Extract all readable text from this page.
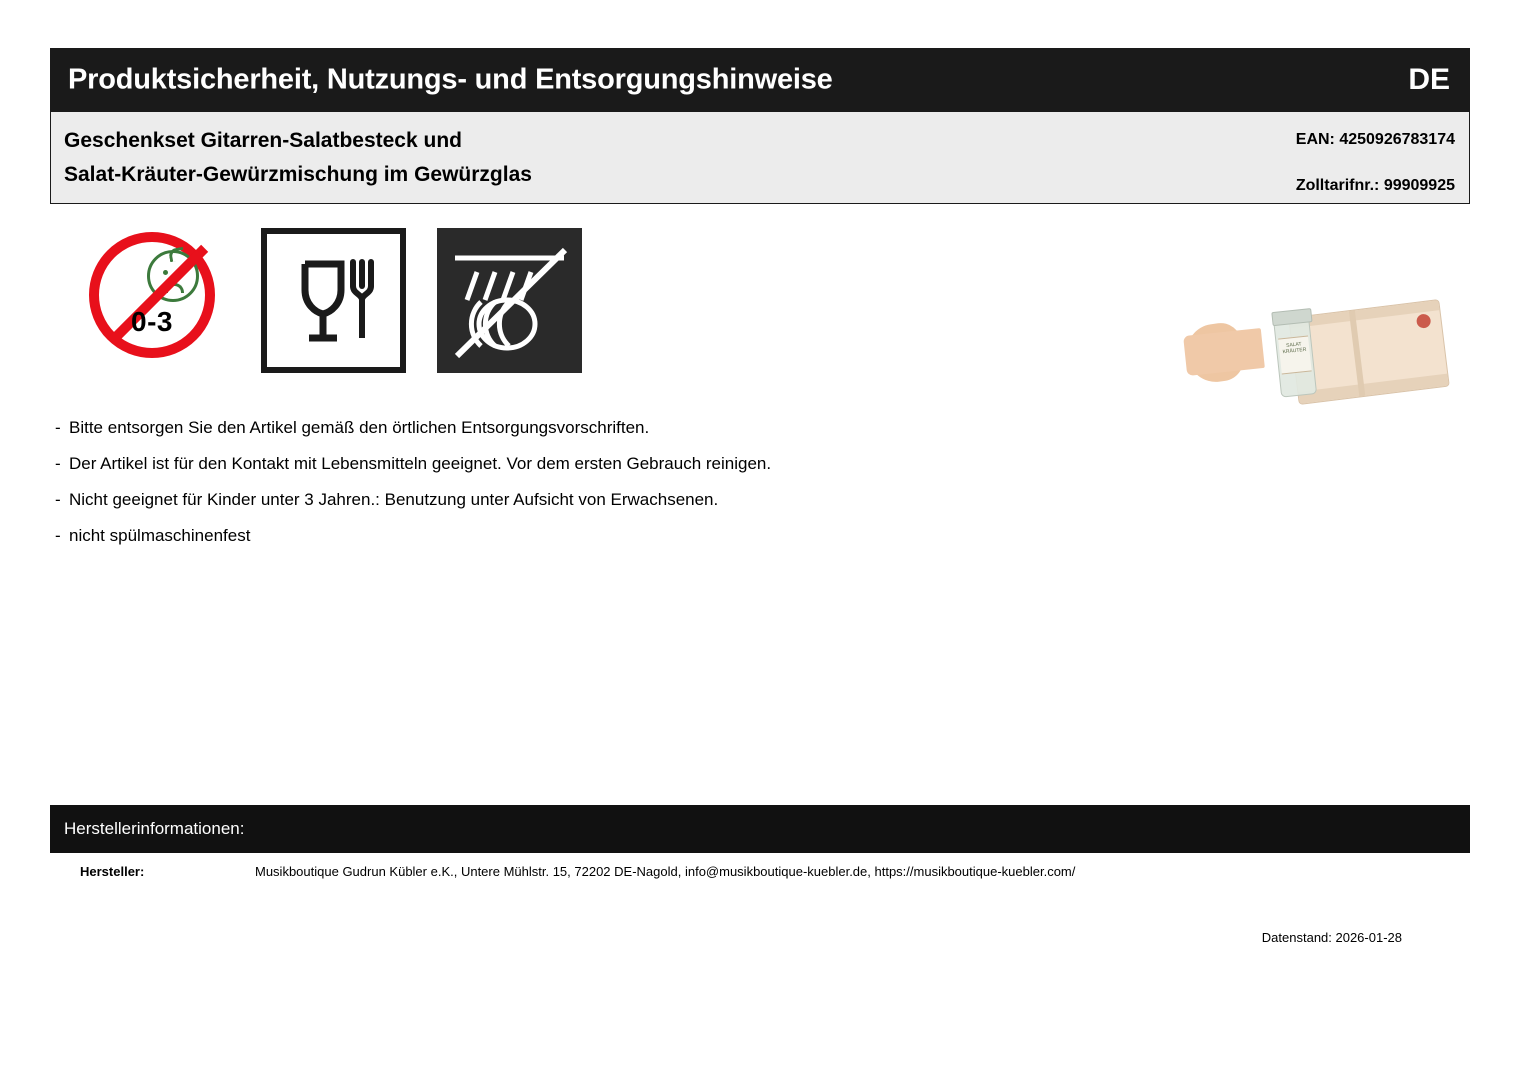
Produktsicherheit, Nutzungs- und Entsorgungshinweise	DE
Geschenkset Gitarren-Salatbesteck und
Salat-Kräuter-Gewürzmischung im Gewürzglas
EAN: 4250926783174
Zolltarifnr.: 99909925
0-3
SALAT KRÄUTER
- Bitte entsorgen Sie den Artikel gemäß den örtlichen Entsorgungsvorschriften.
- Der Artikel ist für den Kontakt mit Lebensmitteln geeignet. Vor dem ersten Gebrauch reinigen.
- Nicht geeignet für Kinder unter 3 Jahren.: Benutzung unter Aufsicht von Erwachsenen.
- nicht spülmaschinenfest
Herstellerinformationen:
Hersteller:	Musikboutique Gudrun Kübler e.K., Untere Mühlstr. 15, 72202 DE-Nagold, info@musikboutique-kuebler.de, https://musikboutique-kuebler.com/
Datenstand: 2026-01-28
